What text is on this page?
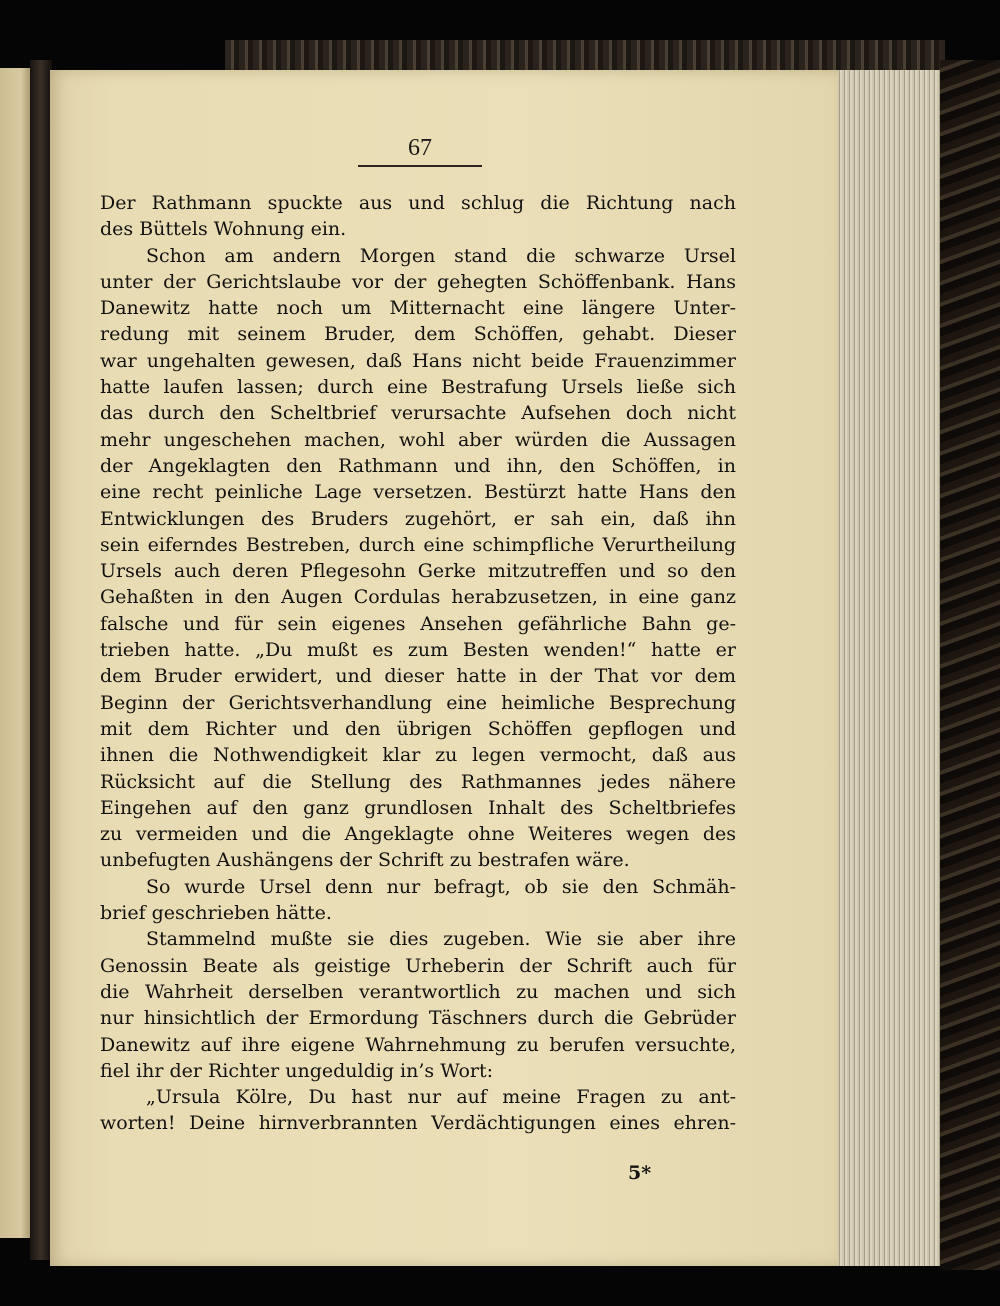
67
Der Rathmann spuckte aus und schlug die Richtung nach
des Büttels Wohnung ein.
Schon am andern Morgen stand die schwarze Ursel
unter der Gerichtslaube vor der gehegten Schöffenbank. Hans
Danewitz hatte noch um Mitternacht eine längere Unter-
redung mit seinem Bruder, dem Schöffen, gehabt. Dieser
war ungehalten gewesen, daß Hans nicht beide Frauenzimmer
hatte laufen lassen; durch eine Bestrafung Ursels ließe sich
das durch den Scheltbrief verursachte Aufsehen doch nicht
mehr ungeschehen machen, wohl aber würden die Aussagen
der Angeklagten den Rathmann und ihn, den Schöffen, in
eine recht peinliche Lage versetzen. Bestürzt hatte Hans den
Entwicklungen des Bruders zugehört, er sah ein, daß ihn
sein eiferndes Bestreben, durch eine schimpfliche Verurtheilung
Ursels auch deren Pflegesohn Gerke mitzutreffen und so den
Gehaßten in den Augen Cordulas herabzusetzen, in eine ganz
falsche und für sein eigenes Ansehen gefährliche Bahn ge-
trieben hatte. „Du mußt es zum Besten wenden!“ hatte er
dem Bruder erwidert, und dieser hatte in der That vor dem
Beginn der Gerichtsverhandlung eine heimliche Besprechung
mit dem Richter und den übrigen Schöffen gepflogen und
ihnen die Nothwendigkeit klar zu legen vermocht, daß aus
Rücksicht auf die Stellung des Rathmannes jedes nähere
Eingehen auf den ganz grundlosen Inhalt des Scheltbriefes
zu vermeiden und die Angeklagte ohne Weiteres wegen des
unbefugten Aushängens der Schrift zu bestrafen wäre.
So wurde Ursel denn nur befragt, ob sie den Schmäh-
brief geschrieben hätte.
Stammelnd mußte sie dies zugeben. Wie sie aber ihre
Genossin Beate als geistige Urheberin der Schrift auch für
die Wahrheit derselben verantwortlich zu machen und sich
nur hinsichtlich der Ermordung Täschners durch die Gebrüder
Danewitz auf ihre eigene Wahrnehmung zu berufen versuchte,
fiel ihr der Richter ungeduldig in’s Wort:
„Ursula Kölre, Du hast nur auf meine Fragen zu ant-
worten! Deine hirnverbrannten Verdächtigungen eines ehren-
5*
